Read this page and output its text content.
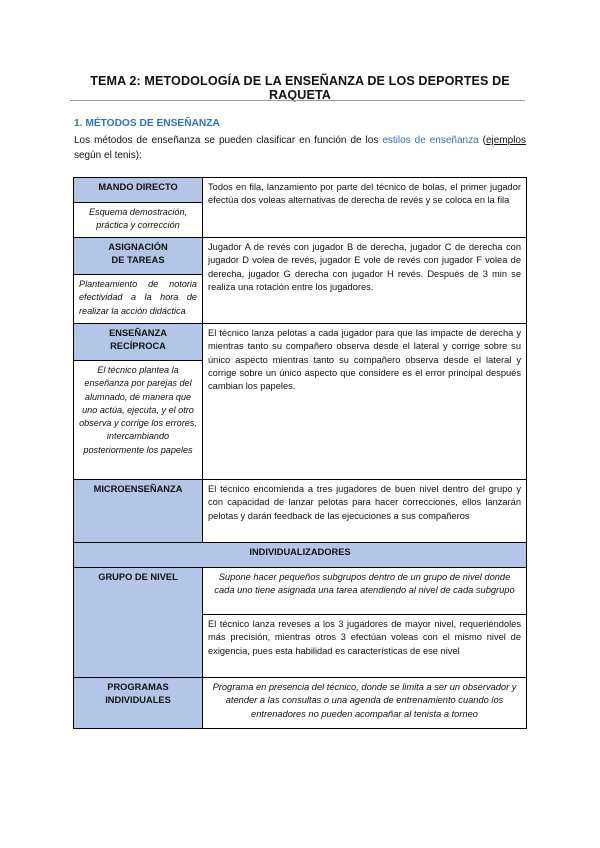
TEMA 2: METODOLOGÍA DE LA ENSEÑANZA DE LOS DEPORTES DE RAQUETA
1. MÉTODOS DE ENSEÑANZA
Los métodos de enseñanza se pueden clasificar en función de los estilos de enseñanza (ejemplos según el tenis):
MANDO DIRECTO	Todos en fila, lanzamiento por parte del técnico de bolas, el primer jugador efectúa dos voleas alternativas de derecha de revés y se coloca en la fila
Esquema demostración, práctica y corrección	

ASIGNACIÓN
DE TAREAS	Jugador A de revés con jugador B de derecha, jugador C de derecha con jugador D volea de revés, jugador E vole de revés con jugador F volea de derecha, jugador G derecha con jugador H revés. Después de 3 min se realiza una rotación entre los jugadores.
Planteamiento de notoria efectividad a la hora de realizar la acción didáctica	

ENSEÑANZA
RECÍPROCA	El técnico lanza pelotas a cada jugador para que las impacte de derecha y mientras tanto su compañero observa desde el lateral y corrige sobre su único aspecto mientras tanto su compañero observa desde el lateral y corrige sobre un único aspecto que considere es el error principal después cambian los papeles.
El técnico plantea la enseñanza por parejas del alumnado, de manera que uno actúa, ejecuta, y el otro observa y corrige los errores, intercambiando posteriormente los papeles	
MICROENSEÑANZA	El técnico encomienda a tres jugadores de buen nivel dentro del grupo y con capacidad de lanzar pelotas para hacer correcciones, ellos lanzarán pelotas y darán feedback de las ejecuciones a sus compañeros
INDIVIDUALIZADORES	
GRUPO DE NIVEL	Supone hacer pequeños subgrupos dentro de un grupo de nivel donde cada uno tiene asignada una tarea atendiendo al nivel de cada subgrupo
	El técnico lanza reveses a los 3 jugadores de mayor nivel, requeriéndoles más precisión, mientras otros 3 efectúan voleas con el mismo nivel de exigencia, pues esta habilidad es características de ese nivel

PROGRAMAS
INDIVIDUALES	Programa en presencia del técnico, donde se limita a ser un observador y atender a las consultas o una agenda de entrenamiento cuando los entrenadores no pueden acompañar al tenista a torneo
